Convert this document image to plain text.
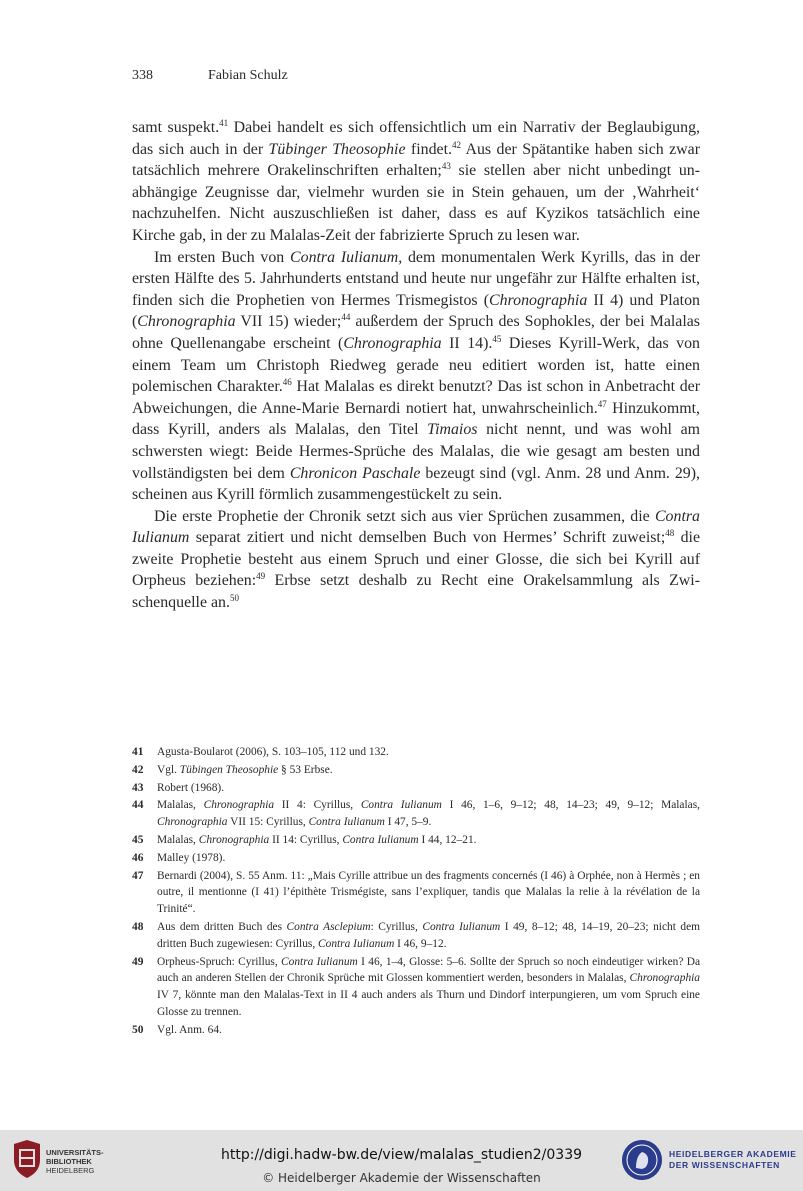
338	Fabian Schulz

samt suspekt.$^{41}$ Dabei handelt es sich offensichtlich um ein Narrativ der Beglaubigung, das sich auch in der Tübinger Theosophie findet.$^{42}$ Aus der Spätantike haben sich zwar tatsächlich mehrere Orakelinschriften erhalten;$^{43}$ sie stellen aber nicht unbedingt unabhängige Zeugnisse dar, vielmehr wurden sie in Stein gehauen, um der ‚Wahrheit‘ nachzuhelfen. Nicht auszuschließen ist daher, dass es auf Kyzikos tatsächlich eine Kirche gab, in der zu Malalas-Zeit der fabrizierte Spruch zu lesen war.

Im ersten Buch von Contra Iulianum, dem monumentalen Werk Kyrills, das in der ersten Hälfte des 5. Jahrhunderts entstand und heute nur ungefähr zur Hälfte erhalten ist, finden sich die Prophetien von Hermes Trismegistos (Chronographia II 4) und Platon (Chronographia VII 15) wieder;$^{44}$ außerdem der Spruch des Sophokles, der bei Malalas ohne Quellenangabe erscheint (Chronographia II 14).$^{45}$ Dieses Kyrill-Werk, das von einem Team um Christoph Riedweg gerade neu editiert worden ist, hatte einen polemischen Charakter.$^{46}$ Hat Malalas es direkt benutzt? Das ist schon in Anbetracht der Abweichungen, die Anne-Marie Bernardi notiert hat, unwahrscheinlich.$^{47}$ Hinzukommt, dass Kyrill, anders als Malalas, den Titel Timaios nicht nennt, und was wohl am schwersten wiegt: Beide Hermes-Sprüche des Malalas, die wie gesagt am besten und vollständigsten bei dem Chronicon Paschale bezeugt sind (vgl. Anm. 28 und Anm. 29), scheinen aus Kyrill förmlich zusammengestückelt zu sein.

Die erste Prophetie der Chronik setzt sich aus vier Sprüchen zusammen, die Contra Iulianum separat zitiert und nicht demselben Buch von Hermes’ Schrift zuweist;$^{48}$ die zweite Prophetie besteht aus einem Spruch und einer Glosse, die sich bei Kyrill auf Orpheus beziehen:$^{49}$ Erbse setzt deshalb zu Recht eine Orakelsammlung als Zwischenquelle an.$^{50}$

41 Agusta-Boularot (2006), S. 103–105, 112 und 132.
42 Vgl. Tübingen Theosophie § 53 Erbse.
43 Robert (1968).
44 Malalas, Chronographia II 4: Cyrillus, Contra Iulianum I 46, 1–6, 9–12; 48, 14–23; 49, 9–12; Malalas, Chronographia VII 15: Cyrillus, Contra Iulianum I 47, 5–9.
45 Malalas, Chronographia II 14: Cyrillus, Contra Iulianum I 44, 12–21.
46 Malley (1978).
47 Bernardi (2004), S. 55 Anm. 11: „Mais Cyrille attribue un des fragments concernés (I 46) à Orphée, non à Hermès ; en outre, il mentionne (I 41) l’épithète Trismégiste, sans l’expliquer, tandis que Malalas la relie à la révélation de la Trinité“.
48 Aus dem dritten Buch des Contra Asclepium: Cyrillus, Contra Iulianum I 49, 8–12; 48, 14–19, 20–23; nicht dem dritten Buch zugewiesen: Cyrillus, Contra Iulianum I 46, 9–12.
49 Orpheus-Spruch: Cyrillus, Contra Iulianum I 46, 1–4, Glosse: 5–6. Sollte der Spruch so noch eindeutiger wirken? Da auch an anderen Stellen der Chronik Sprüche mit Glossen kommentiert werden, besonders in Malalas, Chronographia IV 7, könnte man den Malalas-Text in II 4 auch anders als Thurn und Dindorf interpungieren, um vom Spruch eine Glosse zu trennen.
50 Vgl. Anm. 64.
UNIVERSITÄTS-
BIBLIOTHEK
HEIDELBERG
http://digi.hadw-bw.de/view/malalas_studien2/0339
© Heidelberger Akademie der Wissenschaften
HEIDELBERGER AKADEMIE
DER WISSENSCHAFTEN
